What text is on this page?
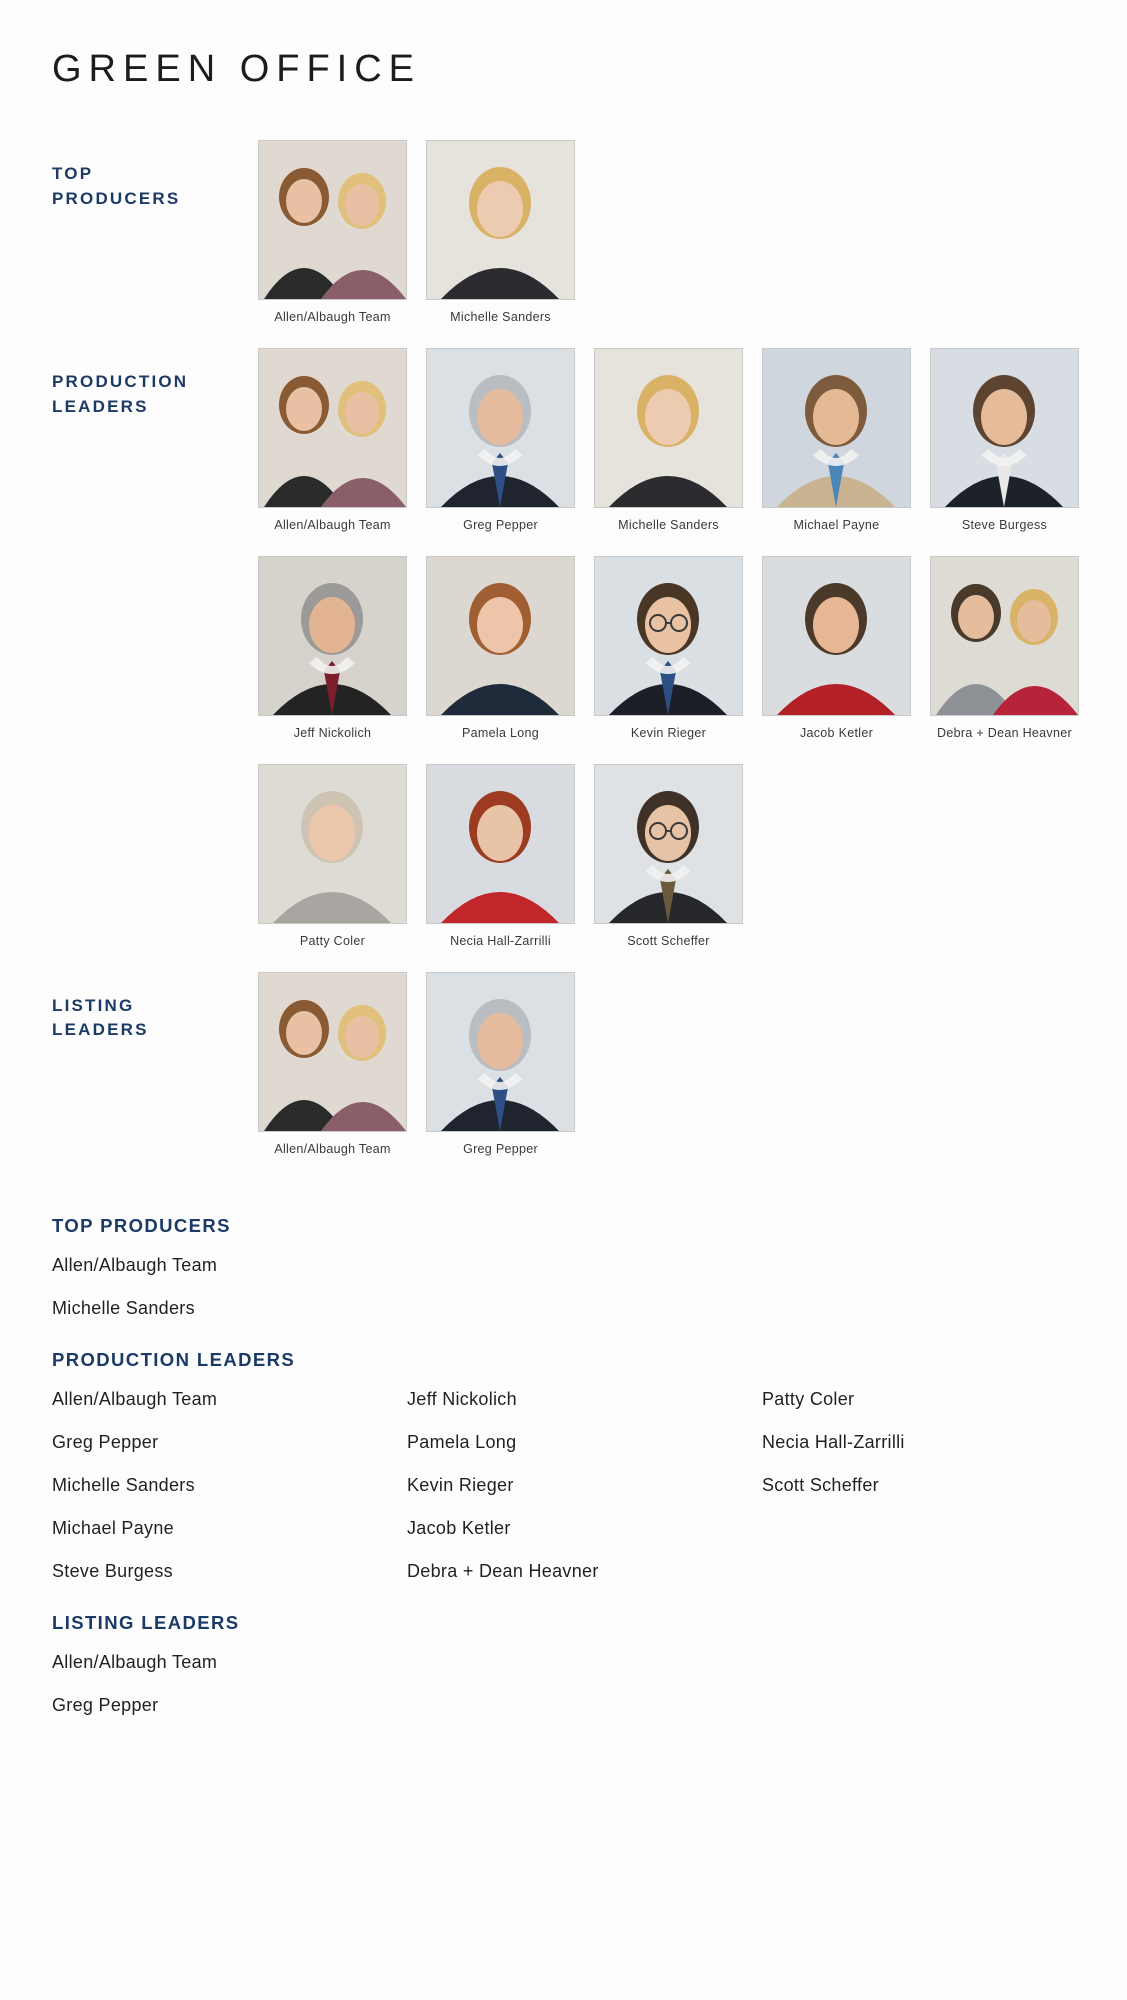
GREEN OFFICE
TOP
PRODUCERS
Allen/Albaugh Team	Michelle Sanders
PRODUCTION
LEADERS
Allen/Albaugh Team	Greg Pepper	Michelle Sanders	Michael Payne	Steve Burgess
Jeff Nickolich	Pamela Long	Kevin Rieger	Jacob Ketler	Debra + Dean Heavner
Patty Coler	Necia Hall-Zarrilli	Scott Scheffer
LISTING
LEADERS
Allen/Albaugh Team	Greg Pepper
TOP PRODUCERS
Allen/Albaugh Team
Michelle Sanders
PRODUCTION LEADERS
Allen/Albaugh Team	Jeff Nickolich	Patty Coler
Greg Pepper	Pamela Long	Necia Hall-Zarrilli
Michelle Sanders	Kevin Rieger	Scott Scheffer
Michael Payne	Jacob Ketler
Steve Burgess	Debra + Dean Heavner
LISTING LEADERS
Allen/Albaugh Team
Greg Pepper
